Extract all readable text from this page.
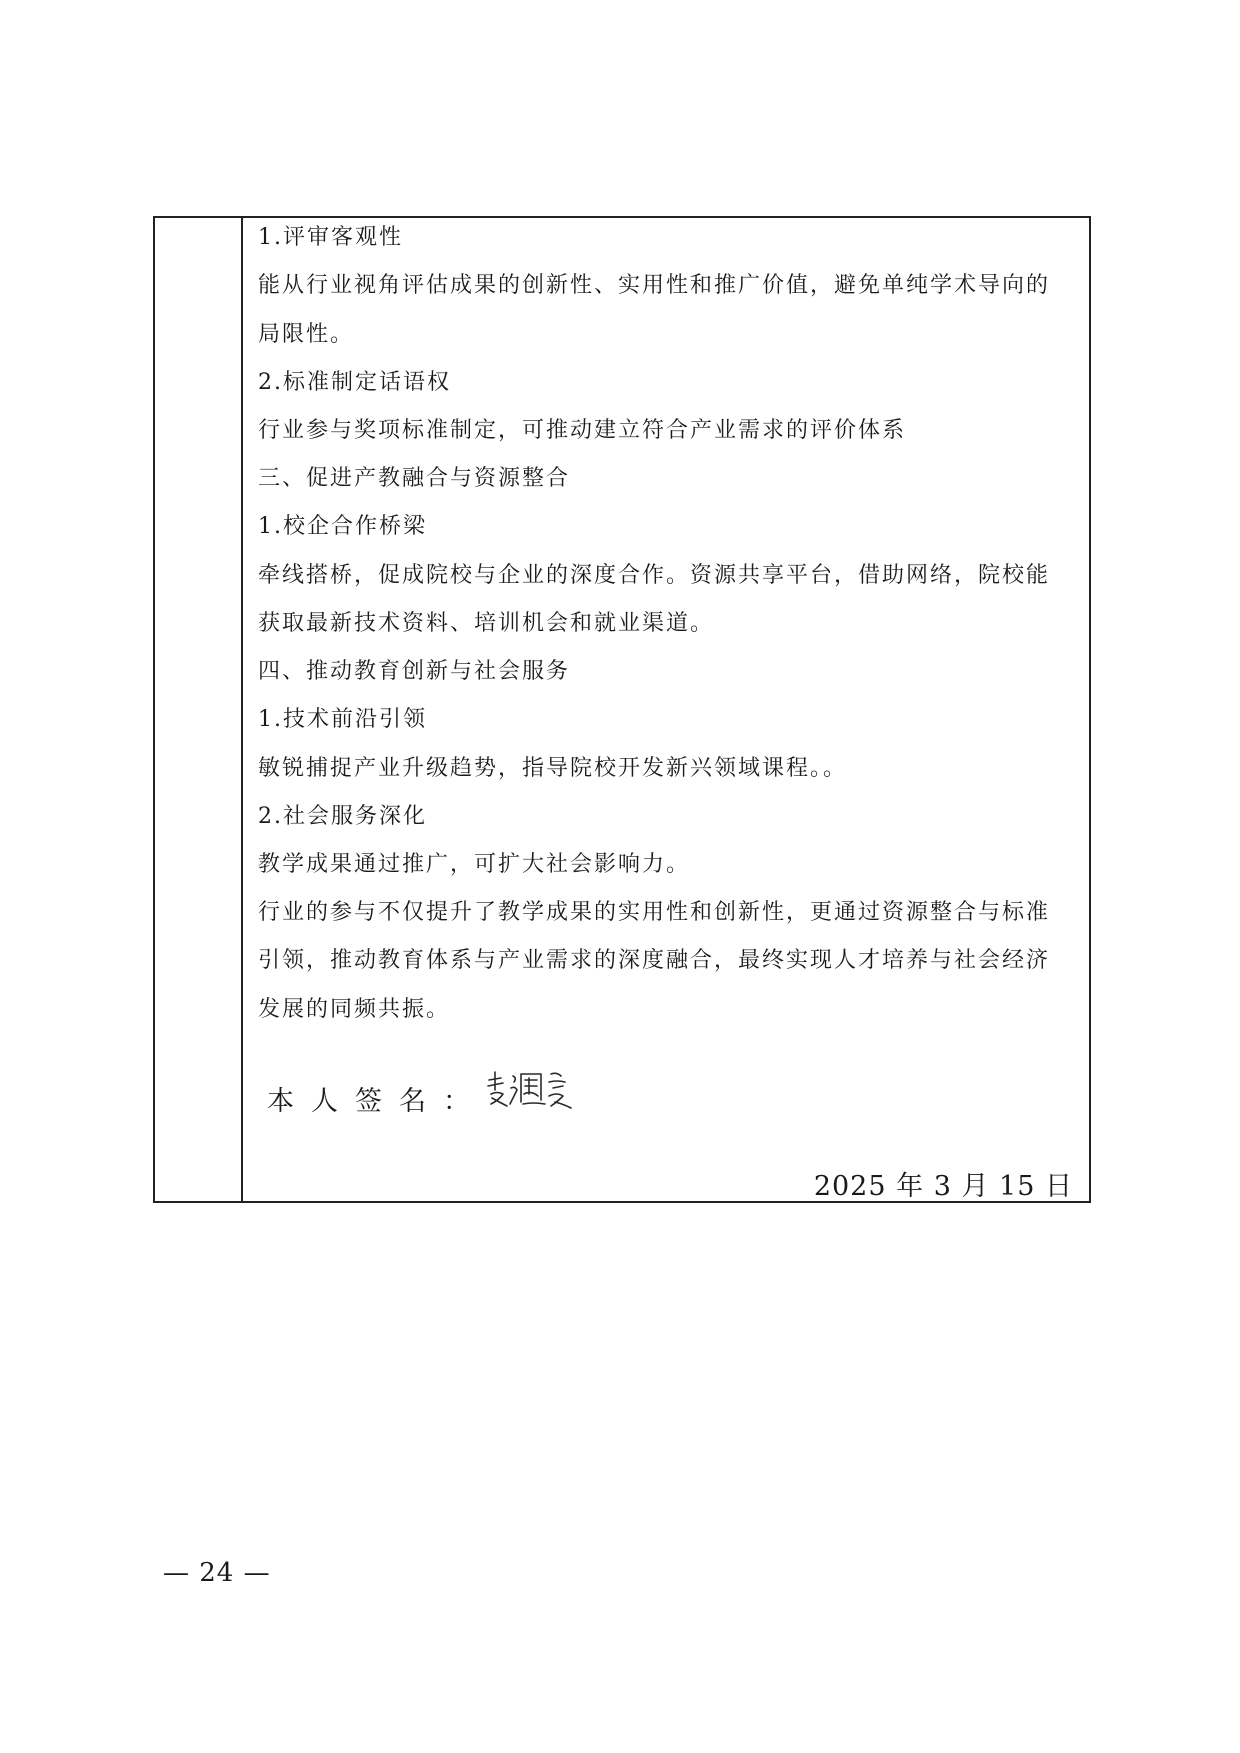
1.评审客观性
能从行业视角评估成果的创新性、实用性和推广价值，避免单纯学术导向的
局限性。
2.标准制定话语权
行业参与奖项标准制定，可推动建立符合产业需求的评价体系
三、促进产教融合与资源整合
1.校企合作桥梁
牵线搭桥，促成院校与企业的深度合作。资源共享平台，借助网络，院校能
获取最新技术资料、培训机会和就业渠道。
四、推动教育创新与社会服务
1.技术前沿引领
敏锐捕捉产业升级趋势，指导院校开发新兴领域课程。。
2.社会服务深化
教学成果通过推广，可扩大社会影响力。
行业的参与不仅提升了教学成果的实用性和创新性，更通过资源整合与标准
引领，推动教育体系与产业需求的深度融合，最终实现人才培养与社会经济
发展的同频共振。
本人签名：
2025 年 3 月 15 日
— 24 —
